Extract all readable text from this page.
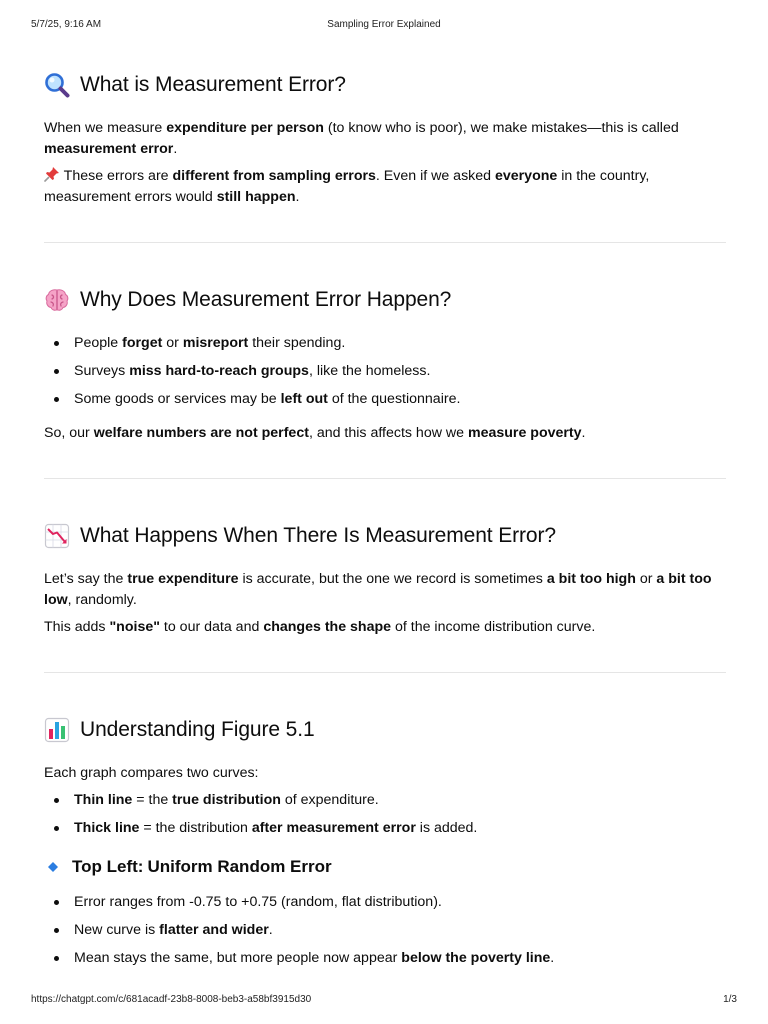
5/7/25, 9:16 AM	Sampling Error Explained
What is Measurement Error?

When we measure expenditure per person (to know who is poor), we make mistakes—this is called measurement error.

These errors are different from sampling errors. Even if we asked everyone in the country, measurement errors would still happen.

Why Does Measurement Error Happen?
People forget or misreport their spending.
Surveys miss hard-to-reach groups, like the homeless.
Some goods or services may be left out of the questionnaire.

So, our welfare numbers are not perfect, and this affects how we measure poverty.

What Happens When There Is Measurement Error?

Let’s say the true expenditure is accurate, but the one we record is sometimes a bit too high or a bit too low, randomly.

This adds "noise" to our data and changes the shape of the income distribution curve.

Understanding Figure 5.1

Each graph compares two curves:

Thin line = the true distribution of expenditure.
Thick line = the distribution after measurement error is added.
Top Left: Uniform Random Error
Error ranges from -0.75 to +0.75 (random, flat distribution).
New curve is flatter and wider.
Mean stays the same, but more people now appear below the poverty line.
https://chatgpt.com/c/681acadf-23b8-8008-beb3-a58bf3915d30	1/3
